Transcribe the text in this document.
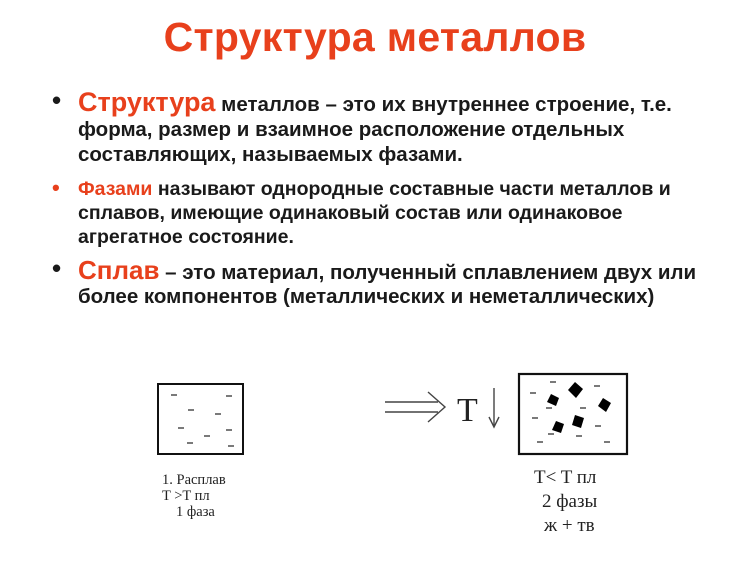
Структура металлов
• Структура металлов – это их внутреннее строение, т.е. форма, размер и взаимное расположение отдельных составляющих, называемых фазами.
• Фазами называют однородные составные части металлов и сплавов, имеющие одинаковый состав или одинаковое агрегатное состояние.
• Сплав – это материал, полученный сплавлением двух или более компонентов (металлических и неметаллических)
T
1. Расплав
T >T пл
1 фаза
T< T пл
2 фазы
ж + тв
